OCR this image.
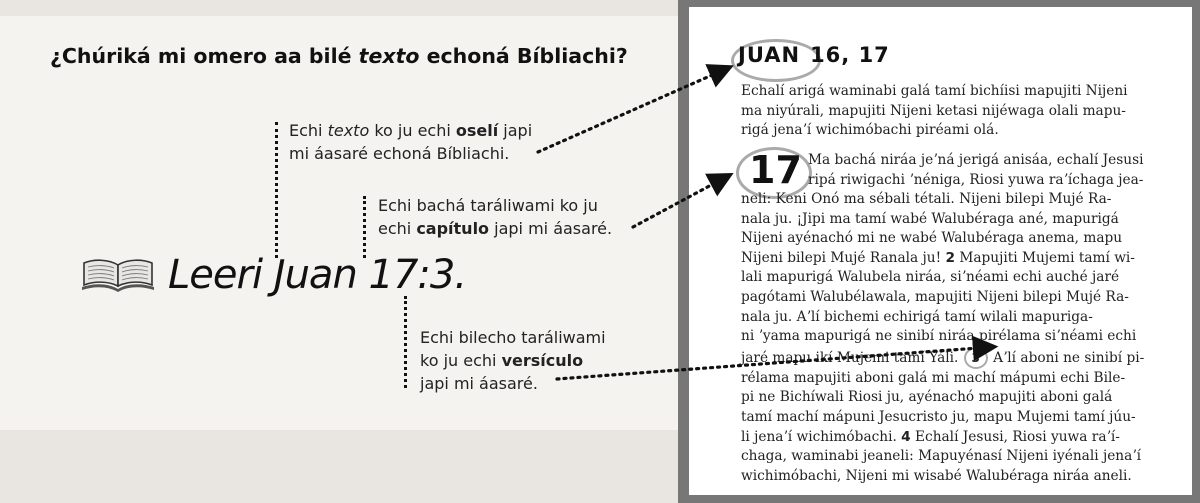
¿Chúriká mi omero aa bilé texto echoná Bíbliachi?
Echi texto ko ju echi oselí japi
mi áasaré echoná Bíbliachi.
Echi bachá taráliwami ko ju
echi capítulo japi mi áasaré.
Echi bilecho taráliwami
ko ju echi versículo
japi mi áasaré.
Leeri Juan 17:3.
JUAN 16, 17
Echalí arigá waminabi galá tamí bichíisi mapujiti Nijeni
ma niyúrali, mapujiti Nijeni ketasi nijéwaga olali mapu-
rigá jenaʼí wichimóbachi piréami olá.
17 Ma bachá niráa jeʼná jerigá anisáa, echalí Jesusi
ripá riwigachi ʼnéniga, Riosi yuwa raʼíchaga jea-
neli: Keni Onó ma sébali tétali. Nijeni bilepi Mujé Ra-
nala ju. ¡Jipi ma tamí wabé Walubéraga ané, mapurigá
Nijeni ayénachó mi ne wabé Walubéraga anema, mapu
Nijeni bilepi Mujé Ranala ju! 2 Mapujiti Mujemi tamí wi-
lali mapurigá Walubela niráa, siʼnéami echi auché jaré
pagótami Walubélawala, mapujiti Nijeni bilepi Mujé Ra-
nala ju. Aʼlí bichemi echirigá tamí wilali mapuriga-
ni ʼyama mapurigá ne sinibí niráa pirélama siʼnéami echi
jaré mapu ikí Mujemi tamí Yáli. 3 Aʼlí aboni ne sinibí pi-
rélama mapujiti aboni galá mi machí mápumi echi Bile-
pi ne Bichíwali Riosi ju, ayénachó mapujiti aboni galá
tamí machí mápuni Jesucristo ju, mapu Mujemi tamí júu-
li jenaʼí wichimóbachi. 4 Echalí Jesusi, Riosi yuwa raʼí-
chaga, waminabi jeaneli: Mapuyénasí Nijeni iyénali jenaʼí
wichimóbachi, Nijeni mi wisabé Walubéraga niráa aneli.
